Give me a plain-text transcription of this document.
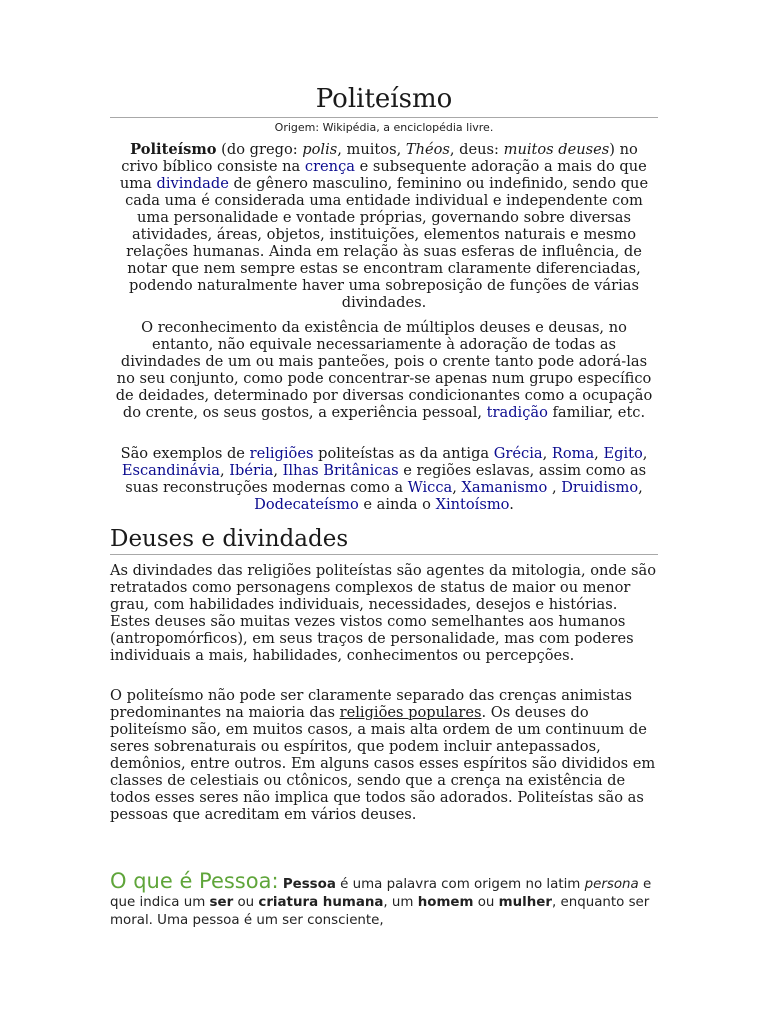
Politeísmo
Origem: Wikipédia, a enciclopédia livre.

Politeísmo (do grego: polis, muitos, Théos, deus: muitos deuses) no crivo bíblico consiste na crença e subsequente adoração a mais do que uma divindade de gênero masculino, feminino ou indefinido, sendo que cada uma é considerada uma entidade individual e independente com uma personalidade e vontade próprias, governando sobre diversas atividades, áreas, objetos, instituições, elementos naturais e mesmo relações humanas. Ainda em relação às suas esferas de influência, de notar que nem sempre estas se encontram claramente diferenciadas, podendo naturalmente haver uma sobreposição de funções de várias divindades.

O reconhecimento da existência de múltiplos deuses e deusas, no entanto, não equivale necessariamente à adoração de todas as divindades de um ou mais panteões, pois o crente tanto pode adorá-las no seu conjunto, como pode concentrar-se apenas num grupo específico de deidades, determinado por diversas condicionantes como a ocupação do crente, os seus gostos, a experiência pessoal, tradição familiar, etc.

São exemplos de religiões politeístas as da antiga Grécia, Roma, Egito, Escandinávia, Ibéria, Ilhas Britânicas e regiões eslavas, assim como as suas reconstruções modernas como a Wicca, Xamanismo , Druidismo, Dodecateísmo e ainda o Xintoísmo.

Deuses e divindades

As divindades das religiões politeístas são agentes da mitologia, onde são retratados como personagens complexos de status de maior ou menor grau, com habilidades individuais, necessidades, desejos e histórias. Estes deuses são muitas vezes vistos como semelhantes aos humanos (antropomórficos), em seus traços de personalidade, mas com poderes individuais a mais, habilidades, conhecimentos ou percepções.

O politeísmo não pode ser claramente separado das crenças animistas predominantes na maioria das religiões populares. Os deuses do politeísmo são, em muitos casos, a mais alta ordem de um continuum de seres sobrenaturais ou espíritos, que podem incluir antepassados, demônios, entre outros. Em alguns casos esses espíritos são divididos em classes de celestiais ou ctônicos, sendo que a crença na existência de todos esses seres não implica que todos são adorados. Politeístas são as pessoas que acreditam em vários deuses.

O que é Pessoa: Pessoa é uma palavra com origem no latim persona e que indica um ser ou criatura humana, um homem ou mulher, enquanto ser moral. Uma pessoa é um ser consciente,
